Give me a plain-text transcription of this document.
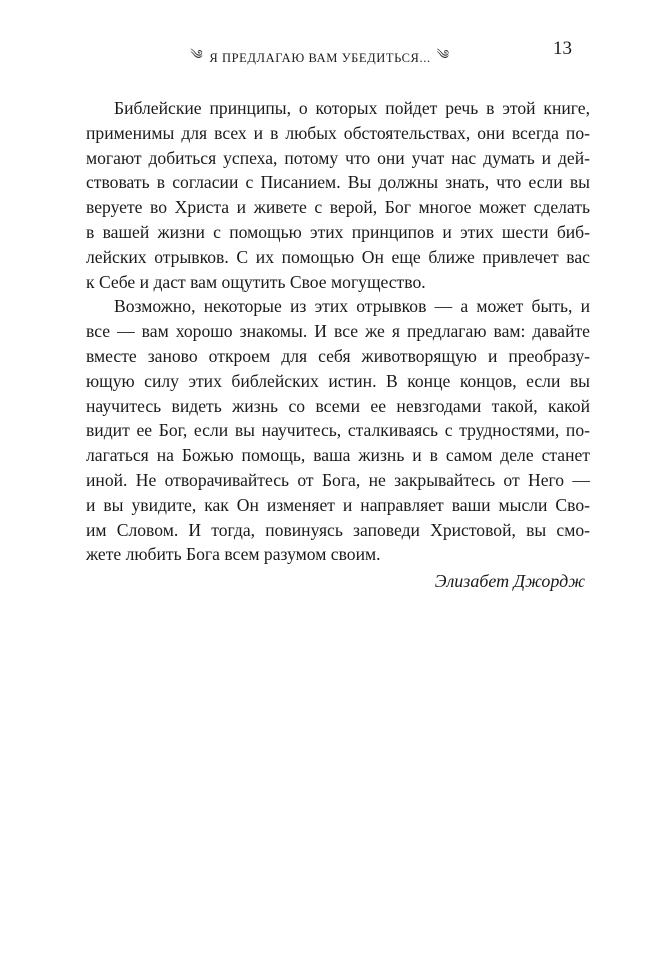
༄ Я ПРЕДЛАГАЮ ВАМ УБЕДИТЬСЯ... ༄	13
Библейские принципы, о которых пойдет речь в этой книге,
применимы для всех и в любых обстоятельствах, они всегда по-
могают добиться успеха, потому что они учат нас думать и дей-
ствовать в согласии с Писанием. Вы должны знать, что если вы
веруете во Христа и живете с верой, Бог многое может сделать
в вашей жизни с помощью этих принципов и этих шести биб-
лейских отрывков. С их помощью Он еще ближе привлечет вас
к Себе и даст вам ощутить Свое могущество.
Возможно, некоторые из этих отрывков — а может быть, и
все — вам хорошо знакомы. И все же я предлагаю вам: давайте
вместе заново откроем для себя животворящую и преобразу-
ющую силу этих библейских истин. В конце концов, если вы
научитесь видеть жизнь со всеми ее невзгодами такой, какой
видит ее Бог, если вы научитесь, сталкиваясь с трудностями, по-
лагаться на Божью помощь, ваша жизнь и в самом деле станет
иной. Не отворачивайтесь от Бога, не закрывайтесь от Него —
и вы увидите, как Он изменяет и направляет ваши мысли Сво-
им Словом. И тогда, повинуясь заповеди Христовой, вы смо-
жете любить Бога всем разумом своим.
Элизабет Джордж
